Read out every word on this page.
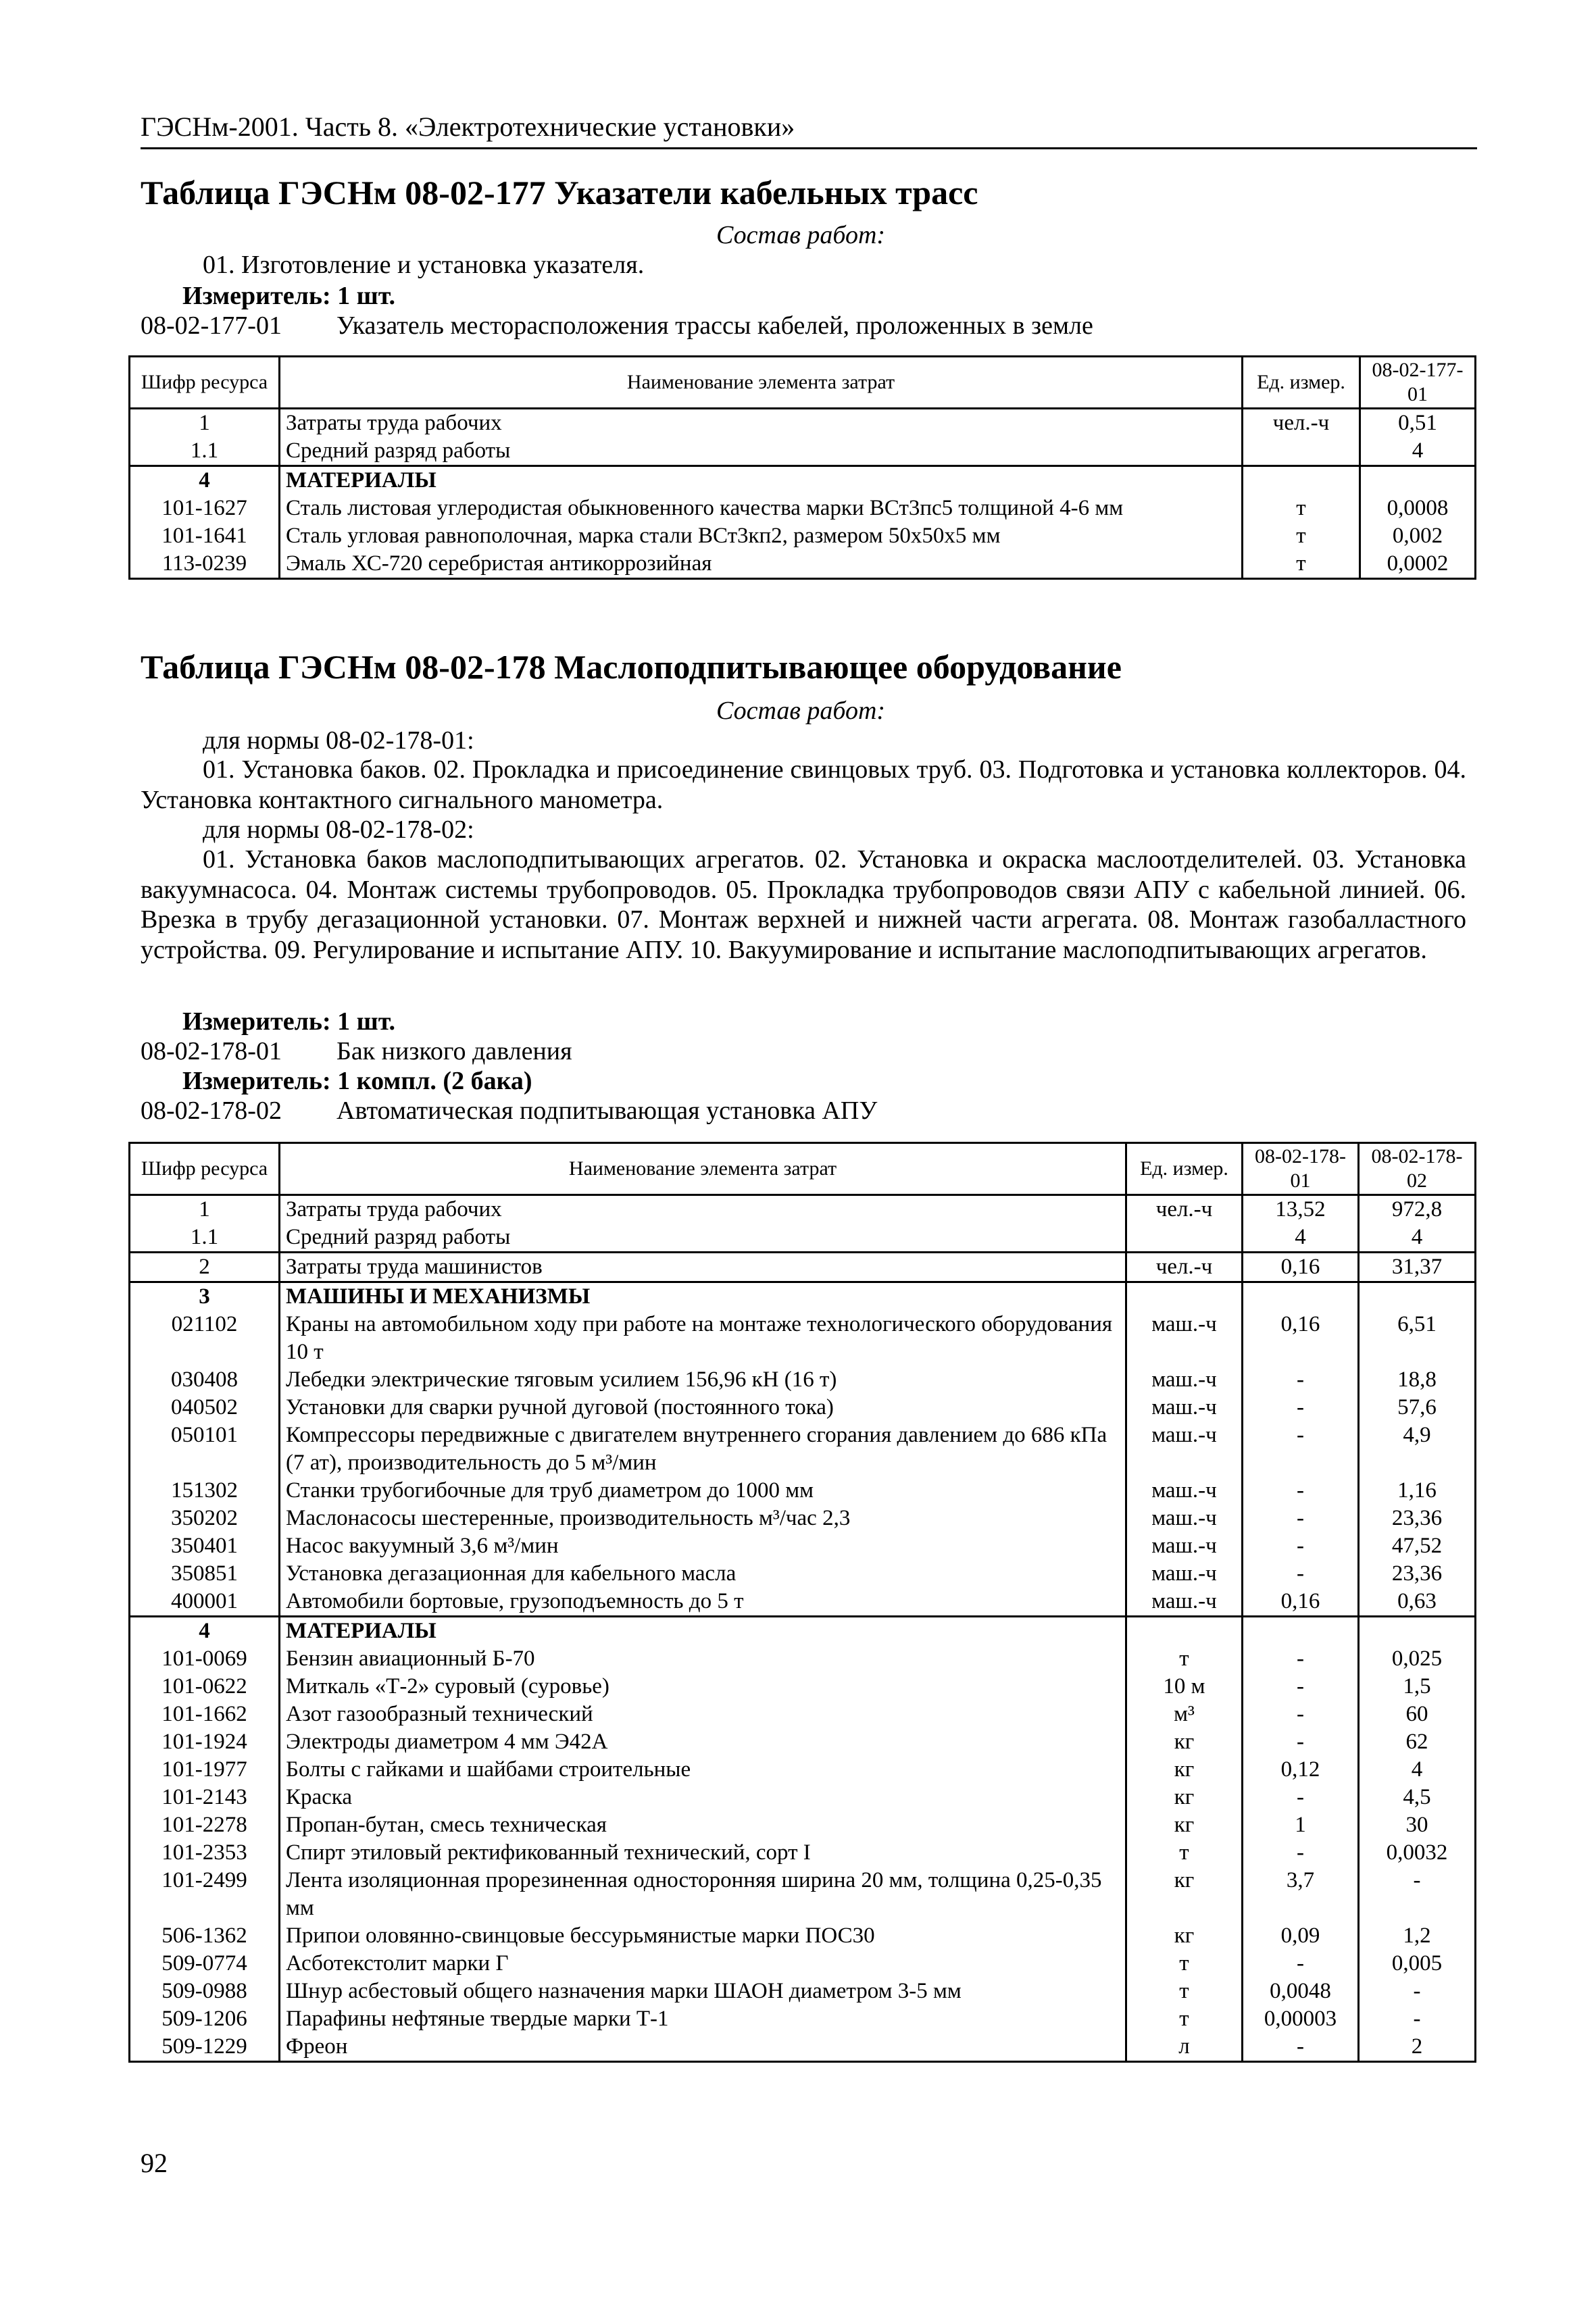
ГЭСНм-2001. Часть 8. «Электротехнические установки»
Таблица ГЭСНм 08-02-177 Указатели кабельных трасс
Состав работ:
01. Изготовление и установка указателя.
Измеритель: 1 шт.
08-02-177-01 Указатель месторасположения трассы кабелей, проложенных в земле
Шифр ресурса	Наименование элемента затрат	Ед. измер.	08-02-177-01
1	Затраты труда рабочих	чел.-ч	0,51
1.1	Средний разряд работы		4
4	МАТЕРИАЛЫ		
101-1627	Сталь листовая углеродистая обыкновенного качества марки ВСт3пс5 толщиной 4-6 мм	т	0,0008
101-1641	Сталь угловая равнополочная, марка стали ВСт3кп2, размером 50х50х5 мм	т	0,002
113-0239	Эмаль ХС-720 серебристая антикоррозийная	т	0,0002
Таблица ГЭСНм 08-02-178 Маслоподпитывающее оборудование
Состав работ:
для нормы 08-02-178-01:
01. Установка баков. 02. Прокладка и присоединение свинцовых труб. 03. Подготовка и установка коллекторов. 04. Установка контактного сигнального манометра.
для нормы 08-02-178-02:
01. Установка баков маслоподпитывающих агрегатов. 02. Установка и окраска маслоотделителей. 03. Установка вакуумнасоса. 04. Монтаж системы трубопроводов. 05. Прокладка трубопроводов связи АПУ с кабельной линией. 06. Врезка в трубу дегазационной установки. 07. Монтаж верхней и нижней части агрегата. 08. Монтаж газобалластного устройства. 09. Регулирование и испытание АПУ. 10. Вакуумирование и испытание маслоподпитывающих агрегатов.
Измеритель: 1 шт.
08-02-178-01 Бак низкого давления
Измеритель: 1 компл. (2 бака)
08-02-178-02 Автоматическая подпитывающая установка АПУ
Шифр ресурса	Наименование элемента затрат	Ед. измер.	08-02-178-01	08-02-178-02
1	Затраты труда рабочих	чел.-ч	13,52	972,8
1.1	Средний разряд работы		4	4
2	Затраты труда машинистов	чел.-ч	0,16	31,37
3	МАШИНЫ И МЕХАНИЗМЫ			
021102	Краны на автомобильном ходу при работе на монтаже технологического оборудования 10 т	маш.-ч	0,16	6,51
030408	Лебедки электрические тяговым усилием 156,96 кН (16 т)	маш.-ч	-	18,8
040502	Установки для сварки ручной дуговой (постоянного тока)	маш.-ч	-	57,6
050101	Компрессоры передвижные с двигателем внутреннего сгорания давлением до 686 кПа (7 ат), производительность до 5 м³/мин	маш.-ч	-	4,9
151302	Станки трубогибочные для труб диаметром до 1000 мм	маш.-ч	-	1,16
350202	Маслонасосы шестеренные, производительность м³/час 2,3	маш.-ч	-	23,36
350401	Насос вакуумный 3,6 м³/мин	маш.-ч	-	47,52
350851	Установка дегазационная для кабельного масла	маш.-ч	-	23,36
400001	Автомобили бортовые, грузоподъемность до 5 т	маш.-ч	0,16	0,63
4	МАТЕРИАЛЫ			
101-0069	Бензин авиационный Б-70	т	-	0,025
101-0622	Миткаль «Т-2» суровый (суровье)	10 м	-	1,5
101-1662	Азот газообразный технический	м³	-	60
101-1924	Электроды диаметром 4 мм Э42А	кг	-	62
101-1977	Болты с гайками и шайбами строительные	кг	0,12	4
101-2143	Краска	кг	-	4,5
101-2278	Пропан-бутан, смесь техническая	кг	1	30
101-2353	Спирт этиловый ректификованный технический, сорт I	т	-	0,0032
101-2499	Лента изоляционная прорезиненная односторонняя ширина 20 мм, толщина 0,25-0,35 мм	кг	3,7	-
506-1362	Припои оловянно-свинцовые бессурьмянистые марки ПОС30	кг	0,09	1,2
509-0774	Асботекстолит марки Г	т	-	0,005
509-0988	Шнур асбестовый общего назначения марки ШАОН диаметром 3-5 мм	т	0,0048	-
509-1206	Парафины нефтяные твердые марки Т-1	т	0,00003	-
509-1229	Фреон	л	-	2
92
